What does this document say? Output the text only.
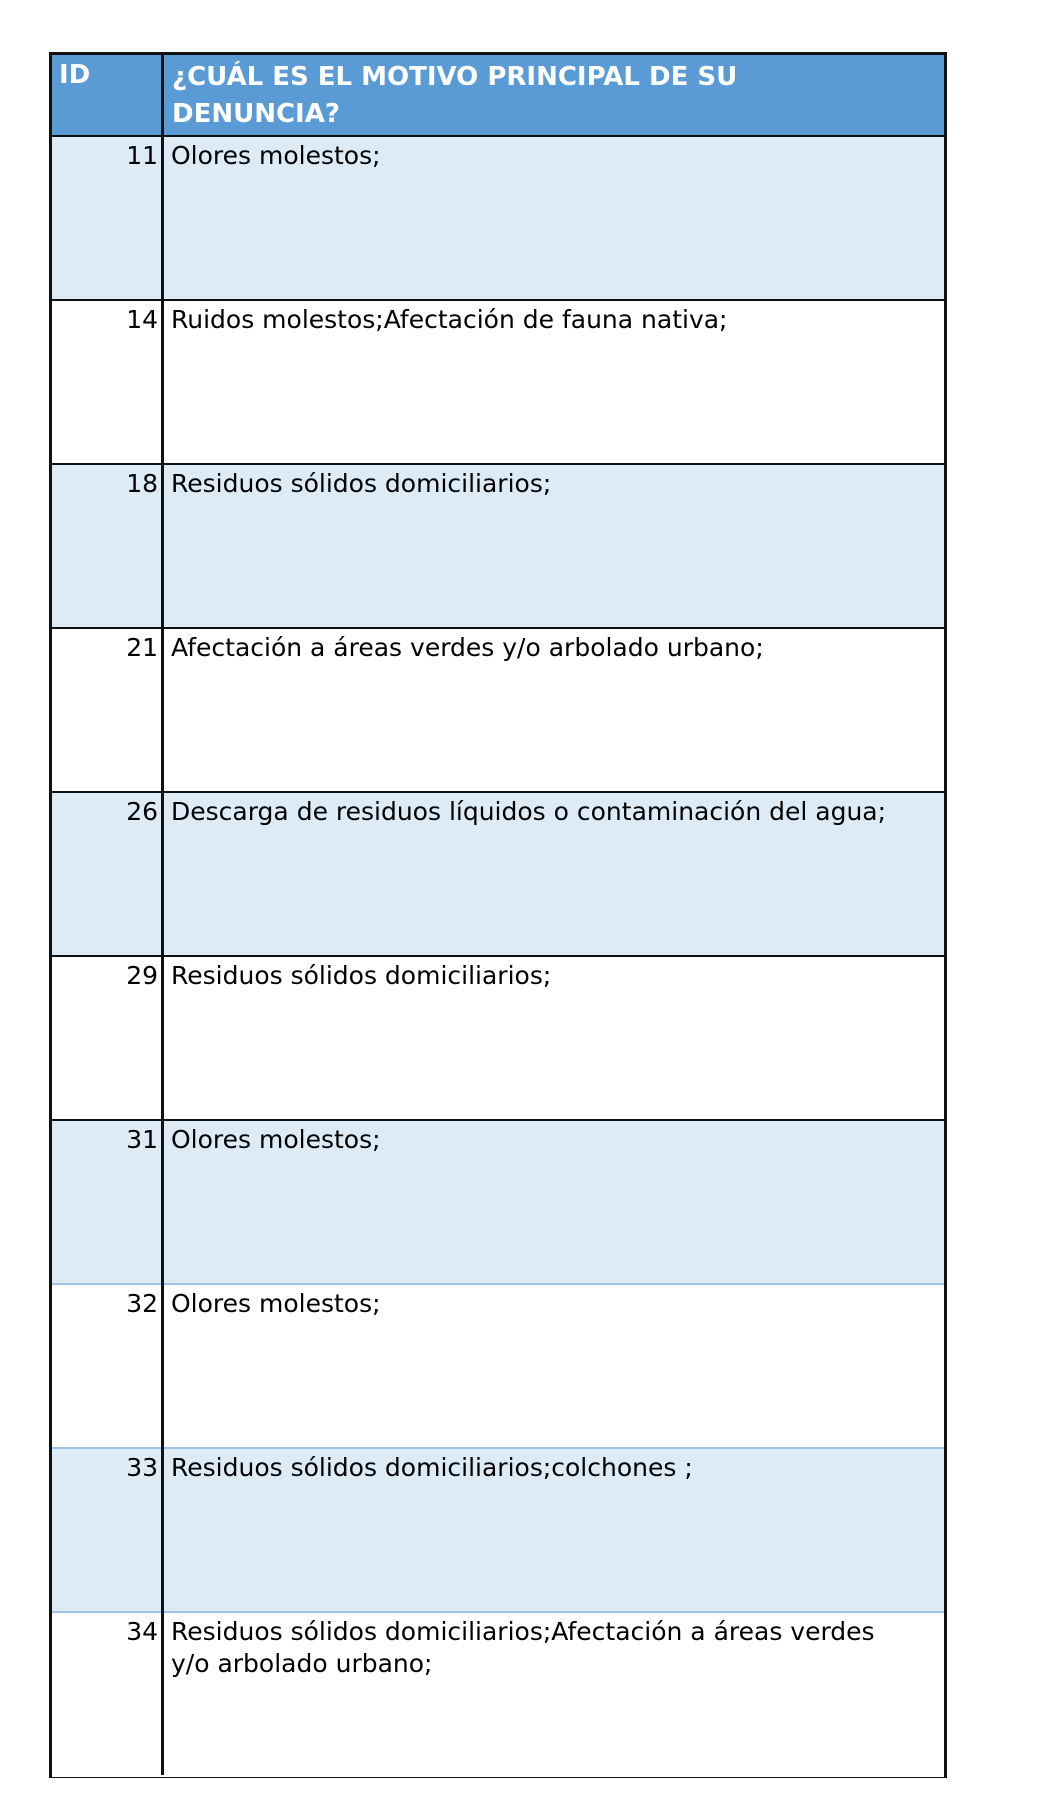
ID	¿CUÁL ES EL MOTIVO PRINCIPAL DE SU DENUNCIA?
11 Olores molestos;
14 Ruidos molestos;Afectación de fauna nativa;
18 Residuos sólidos domiciliarios;
21 Afectación a áreas verdes y/o arbolado urbano;
26 Descarga de residuos líquidos o contaminación del agua;
29 Residuos sólidos domiciliarios;
31 Olores molestos;
32 Olores molestos;
33 Residuos sólidos domiciliarios;colchones ;
34 Residuos sólidos domiciliarios;Afectación a áreas verdes y/o arbolado urbano;
